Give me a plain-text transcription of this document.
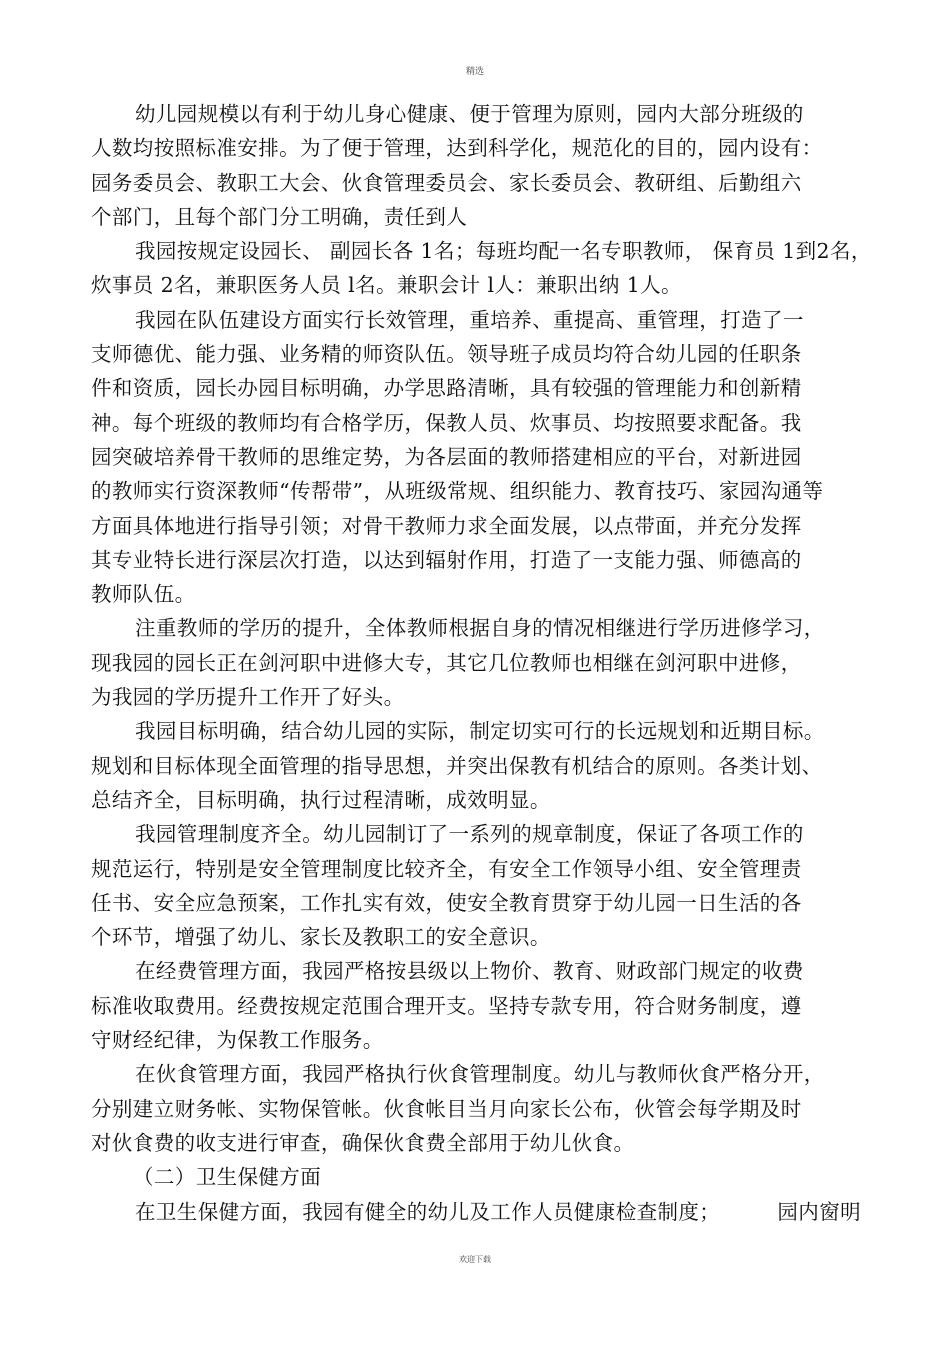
精选
幼儿园规模以有利于幼儿身心健康、便于管理为原则，园内大部分班级的
人数均按照标准安排。为了便于管理，达到科学化，规范化的目的，园内设有：
园务委员会、教职工大会、伙食管理委员会、家长委员会、教研组、后勤组六
个部门，且每个部门分工明确，责任到人
我园按规定设园长、 副园长各 1名；每班均配一名专职教师， 保育员 1到2名，
炊事员 2名，兼职医务人员 l名。兼职会计 l人：兼职出纳 1人。
我园在队伍建设方面实行长效管理，重培养、重提高、重管理，打造了一
支师德优、能力强、业务精的师资队伍。领导班子成员均符合幼儿园的任职条
件和资质，园长办园目标明确，办学思路清晰，具有较强的管理能力和创新精
神。每个班级的教师均有合格学历，保教人员、炊事员、均按照要求配备。我
园突破培养骨干教师的思维定势，为各层面的教师搭建相应的平台，对新进园
的教师实行资深教师“传帮带”，从班级常规、组织能力、教育技巧、家园沟通等
方面具体地进行指导引领；对骨干教师力求全面发展，以点带面，并充分发挥
其专业特长进行深层次打造，以达到辐射作用，打造了一支能力强、师德高的
教师队伍。
注重教师的学历的提升，全体教师根据自身的情况相继进行学历进修学习，
现我园的园长正在剑河职中进修大专，其它几位教师也相继在剑河职中进修，
为我园的学历提升工作开了好头。
我园目标明确，结合幼儿园的实际，制定切实可行的长远规划和近期目标。
规划和目标体现全面管理的指导思想，并突出保教有机结合的原则。各类计划、
总结齐全，目标明确，执行过程清晰，成效明显。
我园管理制度齐全。幼儿园制订了一系列的规章制度，保证了各项工作的
规范运行，特别是安全管理制度比较齐全，有安全工作领导小组、安全管理责
任书、安全应急预案，工作扎实有效，使安全教育贯穿于幼儿园一日生活的各
个环节，增强了幼儿、家长及教职工的安全意识。
在经费管理方面，我园严格按县级以上物价、教育、财政部门规定的收费
标准收取费用。经费按规定范围合理开支。坚持专款专用，符合财务制度，遵
守财经纪律，为保教工作服务。
在伙食管理方面，我园严格执行伙食管理制度。幼儿与教师伙食严格分开，
分别建立财务帐、实物保管帐。伙食帐目当月向家长公布，伙管会每学期及时
对伙食费的收支进行审查，确保伙食费全部用于幼儿伙食。
（二）卫生保健方面
在卫生保健方面，我园有健全的幼儿及工作人员健康检查制度；	园内窗明
欢迎下载
